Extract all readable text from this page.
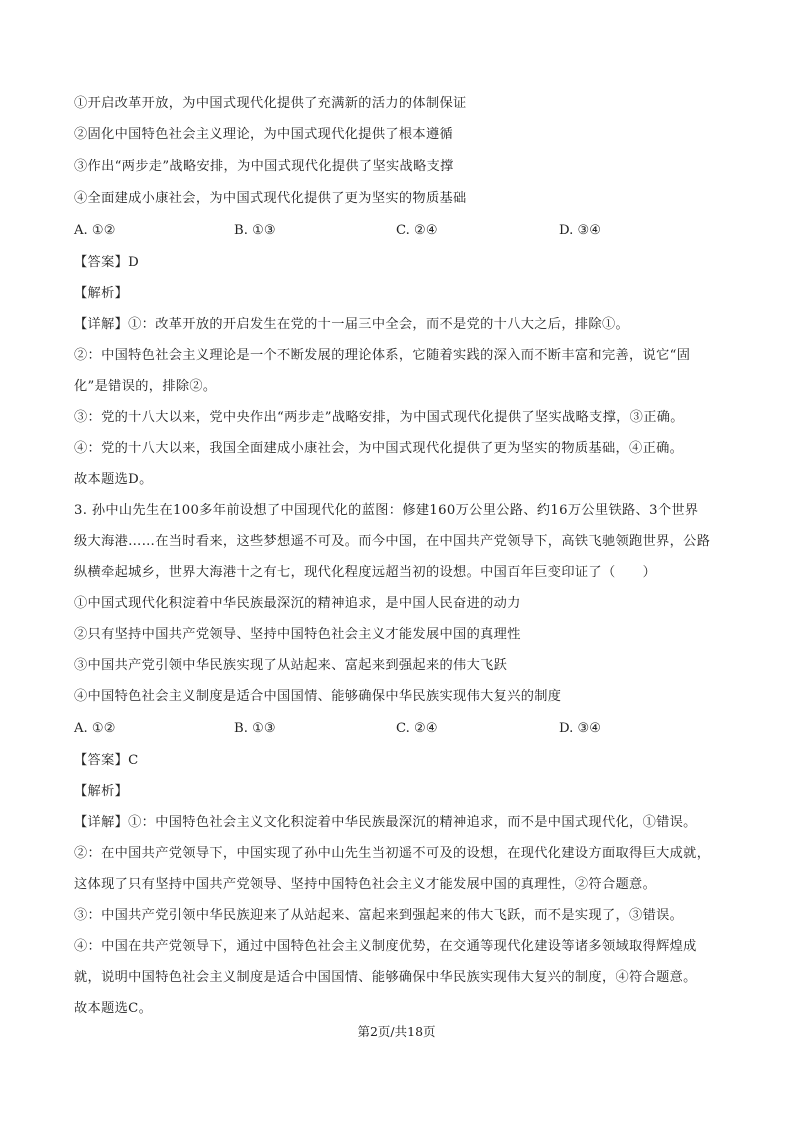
①开启改革开放，为中国式现代化提供了充满新的活力的体制保证
②固化中国特色社会主义理论，为中国式现代化提供了根本遵循
③作出“两步走”战略安排，为中国式现代化提供了坚实战略支撑
④全面建成小康社会，为中国式现代化提供了更为坚实的物质基础
A. ①②	B. ①③	C. ②④	D. ③④
【答案】D
【解析】
【详解】①：改革开放的开启发生在党的十一届三中全会，而不是党的十八大之后，排除①。
②：中国特色社会主义理论是一个不断发展的理论体系，它随着实践的深入而不断丰富和完善，说它“固
化”是错误的，排除②。
③：党的十八大以来，党中央作出“两步走”战略安排，为中国式现代化提供了坚实战略支撑，③正确。
④：党的十八大以来，我国全面建成小康社会，为中国式现代化提供了更为坚实的物质基础，④正确。
故本题选D。
3. 孙中山先生在100多年前设想了中国现代化的蓝图：修建160万公里公路、约16万公里铁路、3个世界
级大海港……在当时看来，这些梦想遥不可及。而今中国，在中国共产党领导下，高铁飞驰领跑世界，公路
纵横牵起城乡，世界大海港十之有七，现代化程度远超当初的设想。中国百年巨变印证了（　　）
①中国式现代化积淀着中华民族最深沉的精神追求，是中国人民奋进的动力
②只有坚持中国共产党领导、坚持中国特色社会主义才能发展中国的真理性
③中国共产党引领中华民族实现了从站起来、富起来到强起来的伟大飞跃
④中国特色社会主义制度是适合中国国情、能够确保中华民族实现伟大复兴的制度
A. ①②	B. ①③	C. ②④	D. ③④
【答案】C
【解析】
【详解】①：中国特色社会主义文化积淀着中华民族最深沉的精神追求，而不是中国式现代化，①错误。
②：在中国共产党领导下，中国实现了孙中山先生当初遥不可及的设想，在现代化建设方面取得巨大成就，
这体现了只有坚持中国共产党领导、坚持中国特色社会主义才能发展中国的真理性，②符合题意。
③：中国共产党引领中华民族迎来了从站起来、富起来到强起来的伟大飞跃，而不是实现了，③错误。
④：中国在共产党领导下，通过中国特色社会主义制度优势，在交通等现代化建设等诸多领域取得辉煌成
就，说明中国特色社会主义制度是适合中国国情、能够确保中华民族实现伟大复兴的制度，④符合题意。
故本题选C。
第2页/共18页
